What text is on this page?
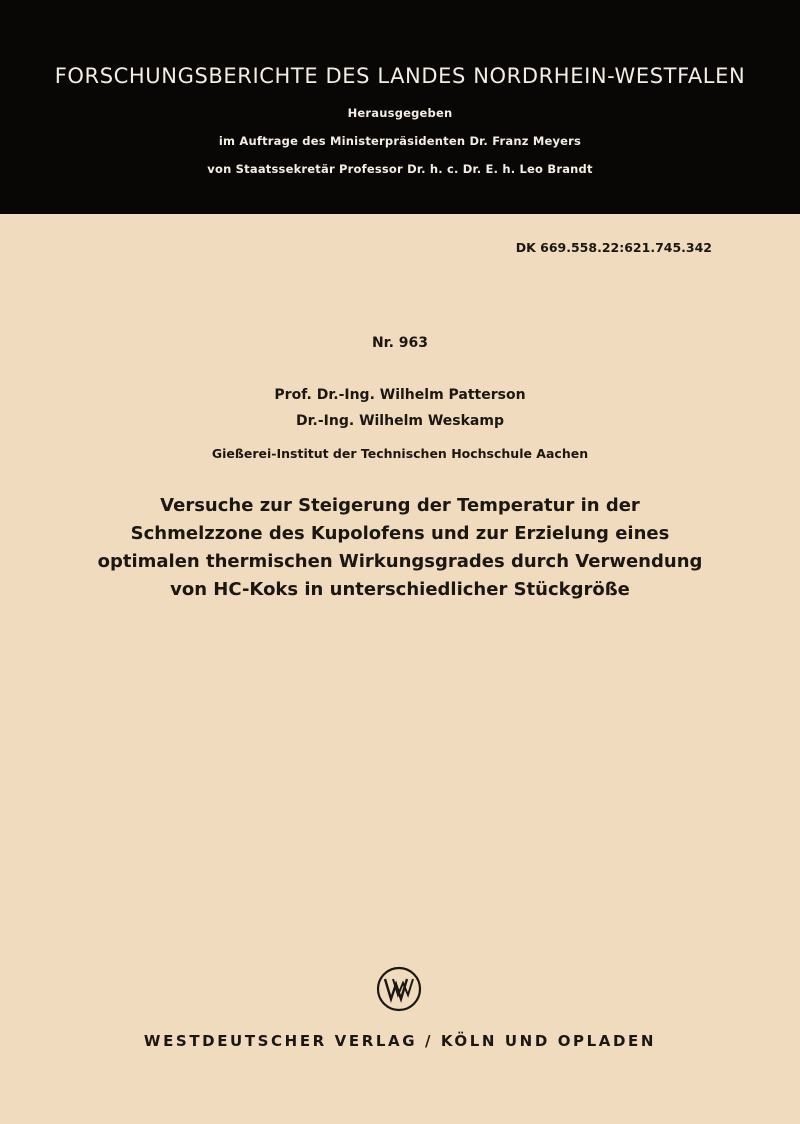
FORSCHUNGSBERICHTE DES LANDES NORDRHEIN-WESTFALEN
Herausgegeben
im Auftrage des Ministerpräsidenten Dr. Franz Meyers
von Staatssekretär Professor Dr. h. c. Dr. E. h. Leo Brandt
DK 669.558.22:621.745.342
Nr. 963
Prof. Dr.-Ing. Wilhelm Patterson
Dr.-Ing. Wilhelm Weskamp
Gießerei-Institut der Technischen Hochschule Aachen
Versuche zur Steigerung der Temperatur in der
Schmelzzone des Kupolofens und zur Erzielung eines
optimalen thermischen Wirkungsgrades durch Verwendung
von HC-Koks in unterschiedlicher Stückgröße
WESTDEUTSCHER VERLAG / KÖLN UND OPLADEN
